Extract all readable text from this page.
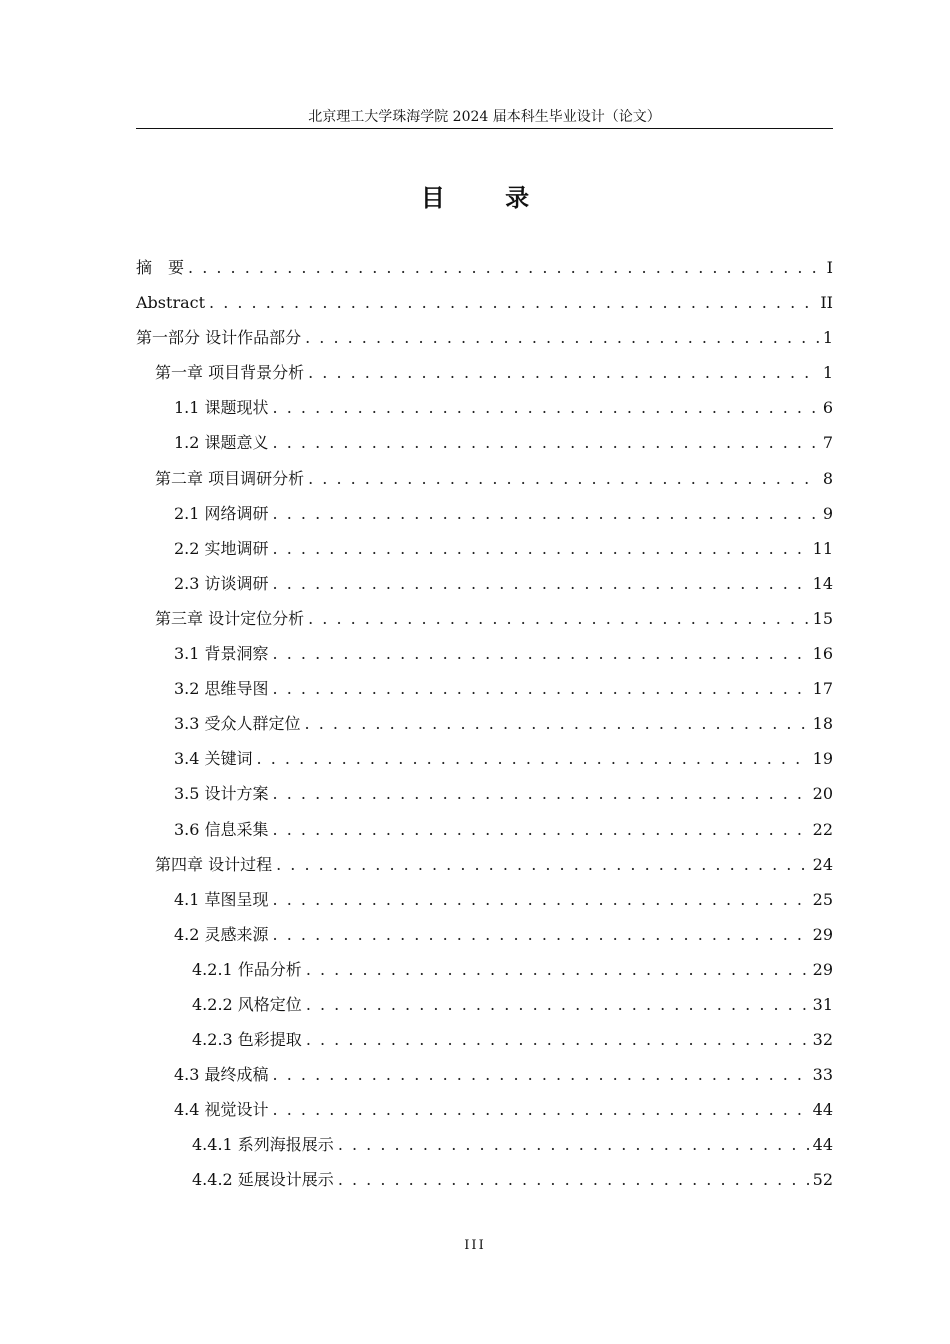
北京理工大学珠海学院 2024 届本科生毕业设计（论文）
目 录
摘　要 . . .	I
Abstract . . .	II
第一部分 设计作品部分 . . .	1
第一章 项目背景分析 . . .	1
1.1 课题现状 . . .	6
1.2 课题意义 . . .	7
第二章 项目调研分析 . . .	8
2.1 网络调研 . . .	9
2.2 实地调研 . . .	11
2.3 访谈调研 . . .	14
第三章 设计定位分析 . . .	15
3.1 背景洞察 . . .	16
3.2 思维导图 . . .	17
3.3 受众人群定位 . . .	18
3.4 关键词 . . .	19
3.5 设计方案 . . .	20
3.6 信息采集 . . .	22
第四章 设计过程 . . .	24
4.1 草图呈现 . . .	25
4.2 灵感来源 . . .	29
4.2.1 作品分析 . . .	29
4.2.2 风格定位 . . .	31
4.2.3 色彩提取 . . .	32
4.3 最终成稿 . . .	33
4.4 视觉设计 . . .	44
4.4.1 系列海报展示 . . .	44
4.4.2 延展设计展示 . . .	52
III
